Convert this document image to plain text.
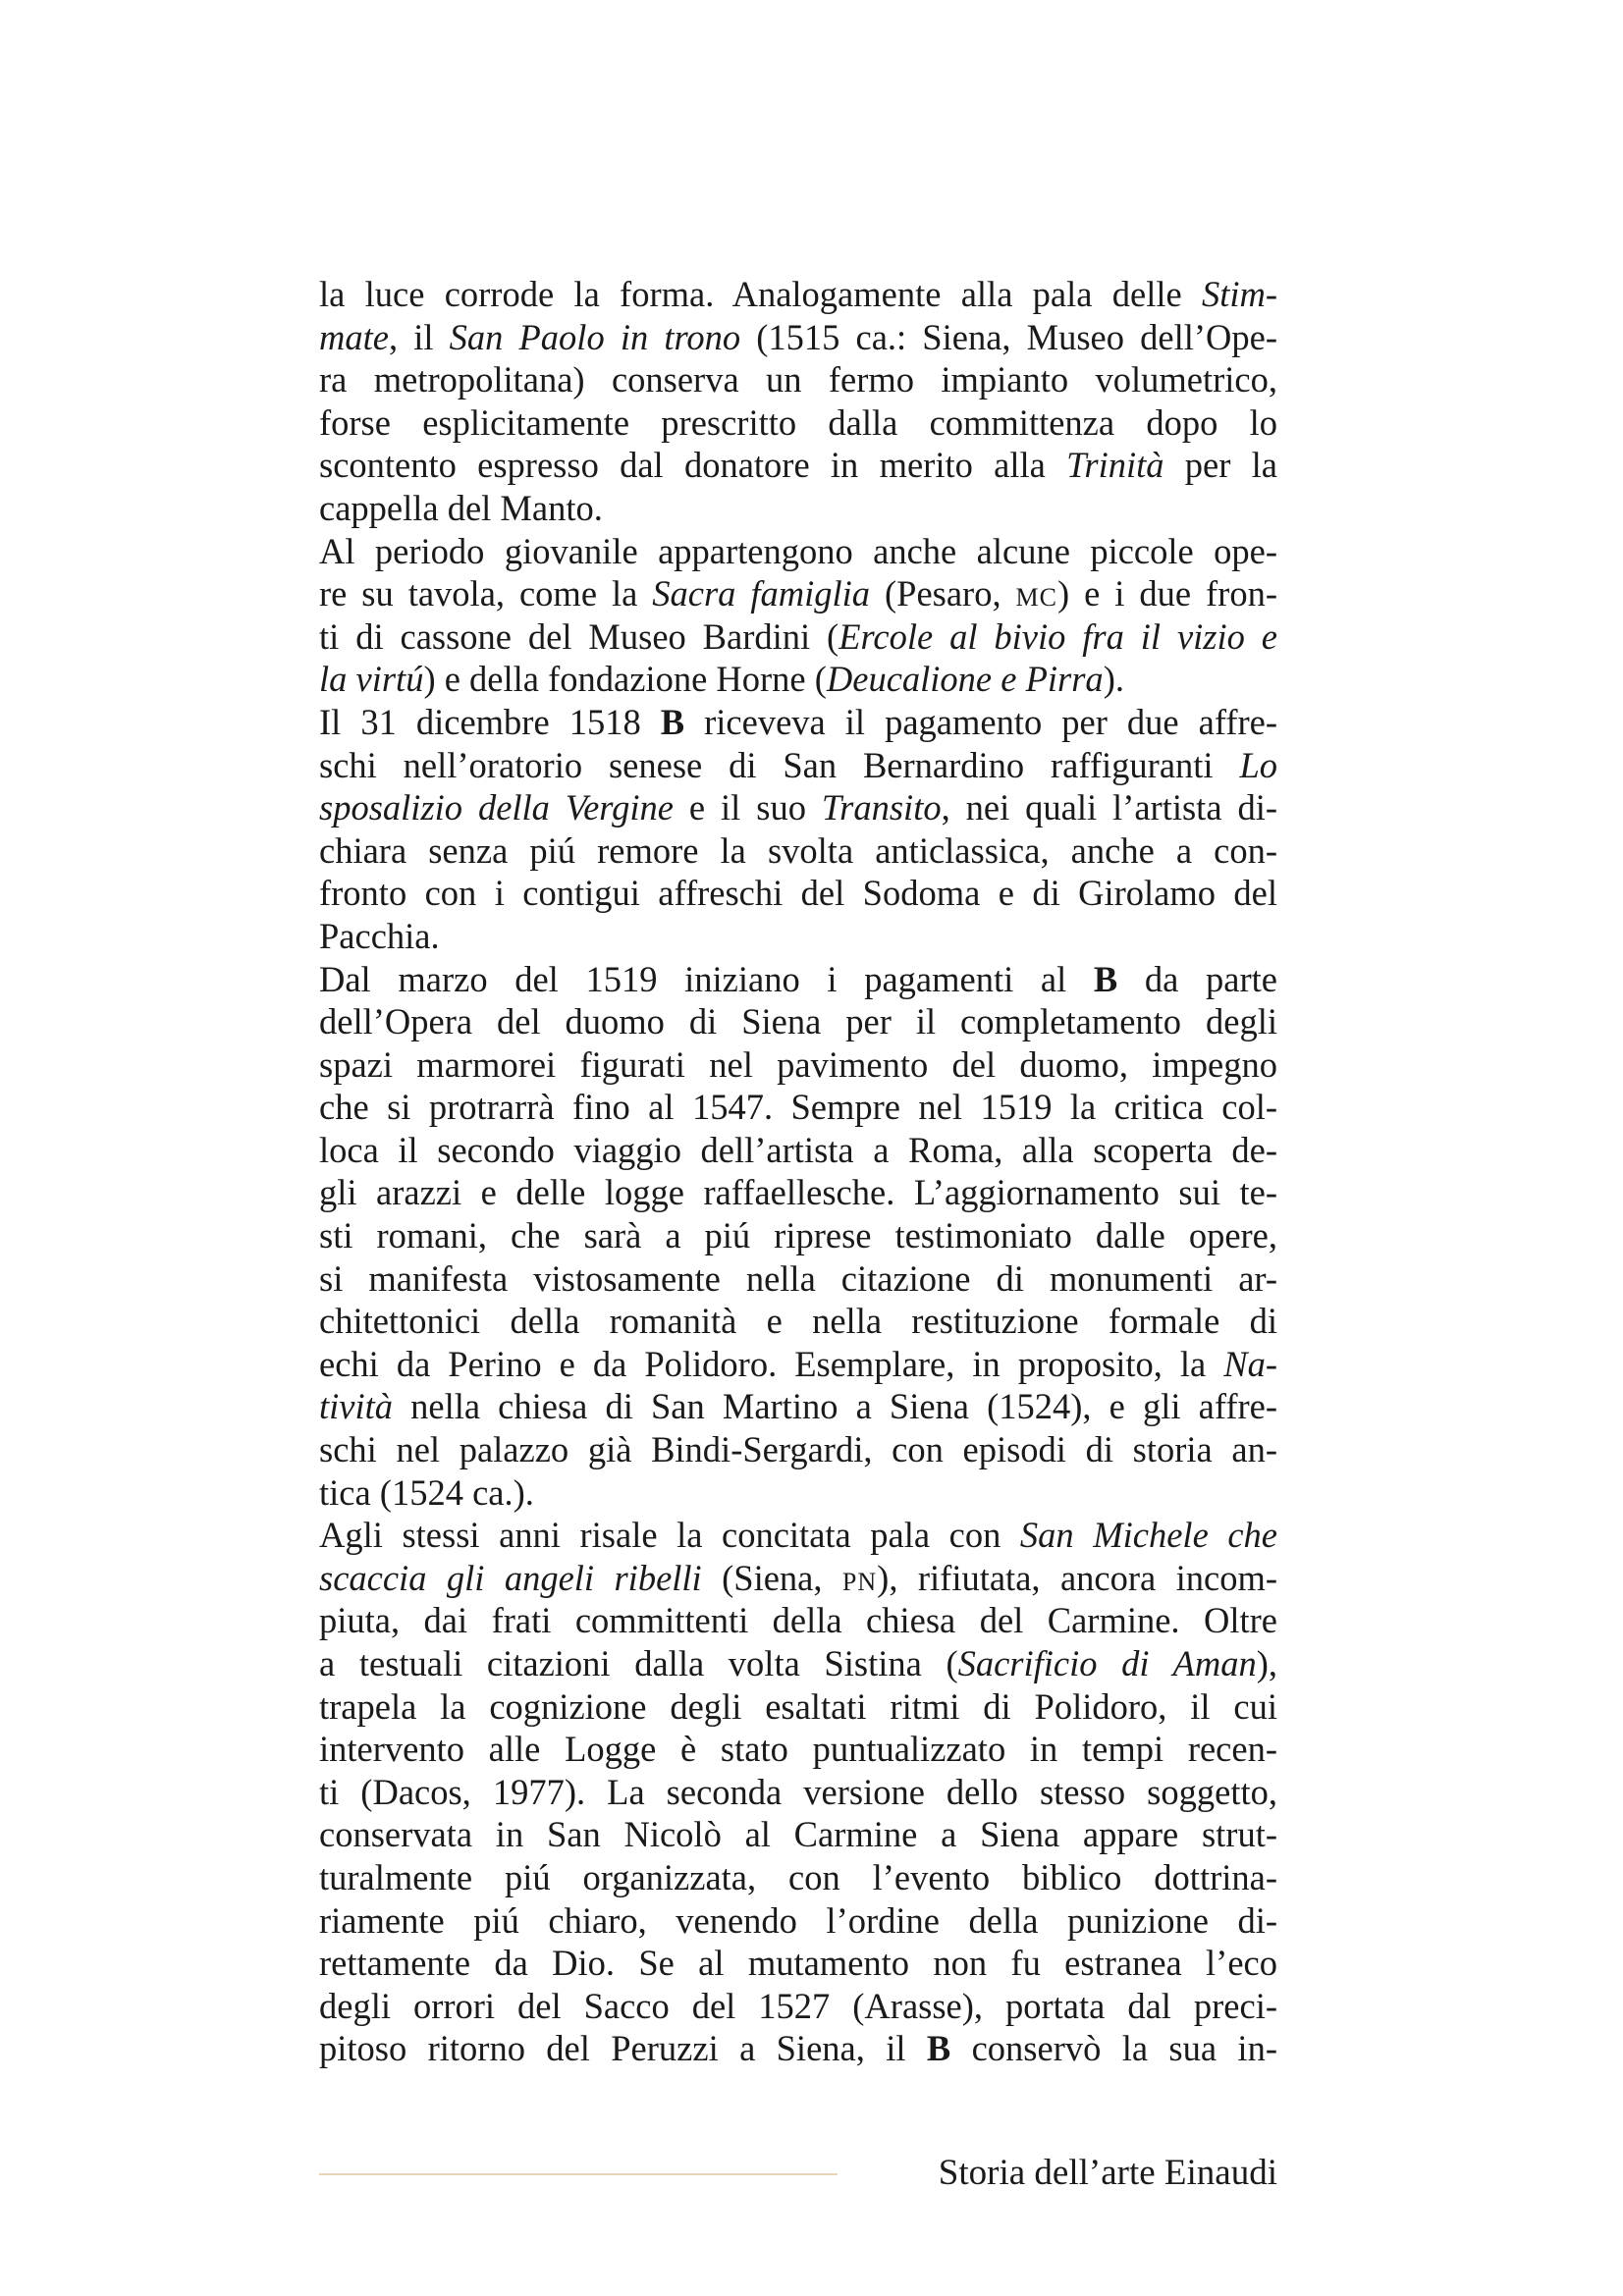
la luce corrode la forma. Analogamente alla pala delle Stim-
mate, il San Paolo in trono (1515 ca.: Siena, Museo dell’Ope-
ra metropolitana) conserva un fermo impianto volumetrico,
forse esplicitamente prescritto dalla committenza dopo lo
scontento espresso dal donatore in merito alla Trinità per la
cappella del Manto.
Al periodo giovanile appartengono anche alcune piccole ope-
re su tavola, come la Sacra famiglia (Pesaro, mc) e i due fron-
ti di cassone del Museo Bardini (Ercole al bivio fra il vizio e
la virtú) e della fondazione Horne (Deucalione e Pirra).
Il 31 dicembre 1518 B riceveva il pagamento per due affre-
schi nell’oratorio senese di San Bernardino raffiguranti Lo
sposalizio della Vergine e il suo Transito, nei quali l’artista di-
chiara senza piú remore la svolta anticlassica, anche a con-
fronto con i contigui affreschi del Sodoma e di Girolamo del
Pacchia.
Dal marzo del 1519 iniziano i pagamenti al B da parte
dell’Opera del duomo di Siena per il completamento degli
spazi marmorei figurati nel pavimento del duomo, impegno
che si protrarrà fino al 1547. Sempre nel 1519 la critica col-
loca il secondo viaggio dell’artista a Roma, alla scoperta de-
gli arazzi e delle logge raffaellesche. L’aggiornamento sui te-
sti romani, che sarà a piú riprese testimoniato dalle opere,
si manifesta vistosamente nella citazione di monumenti ar-
chitettonici della romanità e nella restituzione formale di
echi da Perino e da Polidoro. Esemplare, in proposito, la Na-
tività nella chiesa di San Martino a Siena (1524), e gli affre-
schi nel palazzo già Bindi-Sergardi, con episodi di storia an-
tica (1524 ca.).
Agli stessi anni risale la concitata pala con San Michele che
scaccia gli angeli ribelli (Siena, pn), rifiutata, ancora incom-
piuta, dai frati committenti della chiesa del Carmine. Oltre
a testuali citazioni dalla volta Sistina (Sacrificio di Aman),
trapela la cognizione degli esaltati ritmi di Polidoro, il cui
intervento alle Logge è stato puntualizzato in tempi recen-
ti (Dacos, 1977). La seconda versione dello stesso soggetto,
conservata in San Nicolò al Carmine a Siena appare strut-
turalmente piú organizzata, con l’evento biblico dottrina-
riamente piú chiaro, venendo l’ordine della punizione di-
rettamente da Dio. Se al mutamento non fu estranea l’eco
degli orrori del Sacco del 1527 (Arasse), portata dal preci-
pitoso ritorno del Peruzzi a Siena, il B conservò la sua in-
Storia dell’arte Einaudi
